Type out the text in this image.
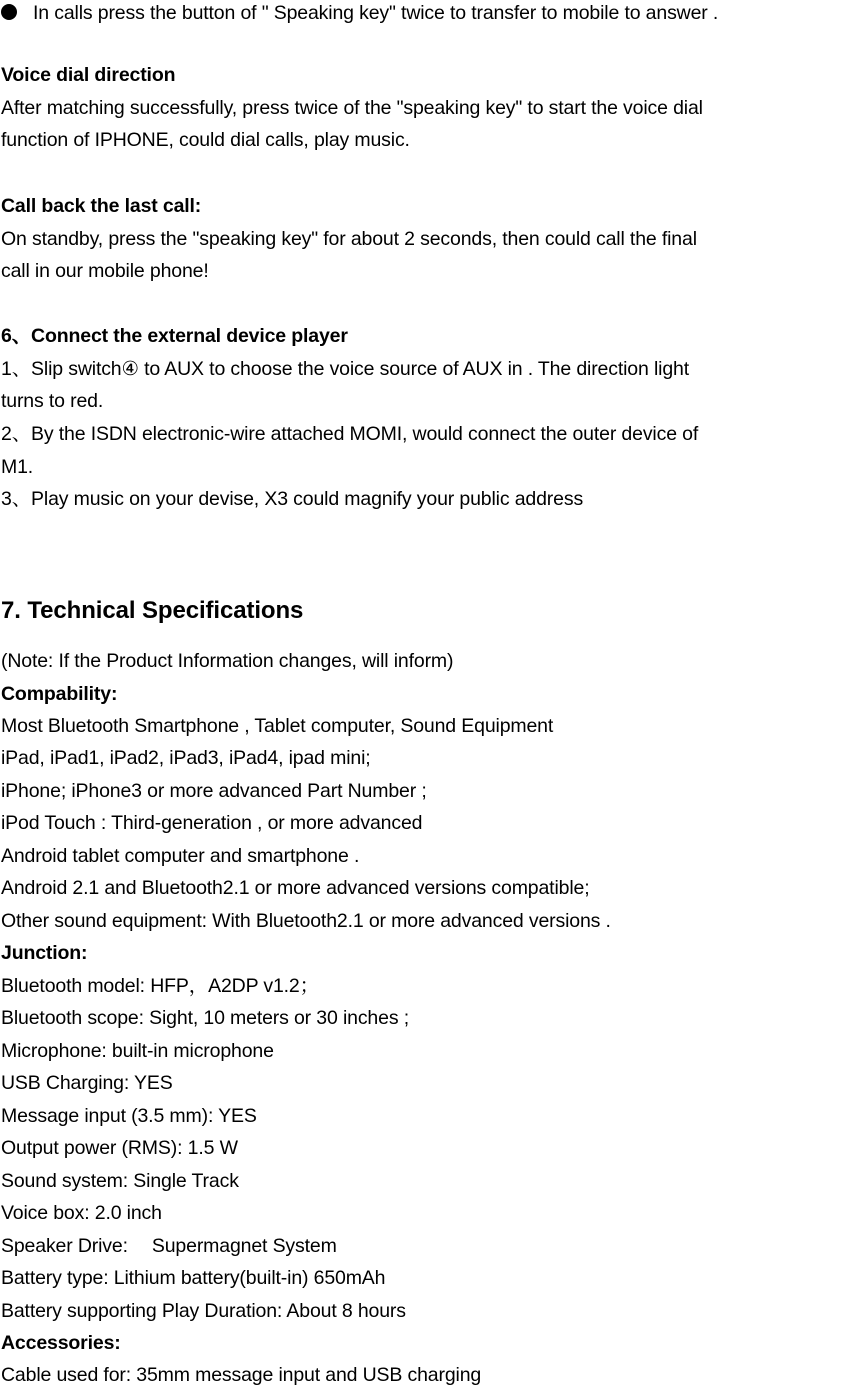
In calls press the button of " Speaking key" twice to transfer to mobile to answer .
Voice dial direction
After matching successfully, press twice of the "speaking key" to start the voice dial
function of IPHONE, could dial calls, play music.
Call back the last call:
On standby, press the "speaking key" for about 2 seconds, then could call the final
call in our mobile phone!
6、Connect the external device player
1、Slip switch④ to AUX to choose the voice source of AUX in . The direction light
turns to red.
2、By the ISDN electronic-wire attached MOMI, would connect the outer device of
M1.
3、Play music on your devise, X3 could magnify your public address
7. Technical Specifications
(Note: If the Product Information changes, will inform)
Compability:
Most Bluetooth Smartphone , Tablet computer, Sound Equipment
iPad, iPad1, iPad2, iPad3, iPad4, ipad mini;
iPhone; iPhone3 or more advanced Part Number ;
iPod Touch : Third-generation , or more advanced
Android tablet computer and smartphone .
Android 2.1 and Bluetooth2.1 or more advanced versions compatible;
Other sound equipment: With Bluetooth2.1 or more advanced versions .
Junction:
Bluetooth model: HFP，A2DP v1.2；
Bluetooth scope: Sight, 10 meters or 30 inches ;
Microphone: built-in microphone
USB Charging: YES
Message input (3.5 mm): YES
Output power (RMS): 1.5 W
Sound system: Single Track
Voice box: 2.0 inch
Speaker Drive: Supermagnet System
Battery type: Lithium battery(built-in) 650mAh
Battery supporting Play Duration: About 8 hours
Accessories:
Cable used for: 35mm message input and USB charging
